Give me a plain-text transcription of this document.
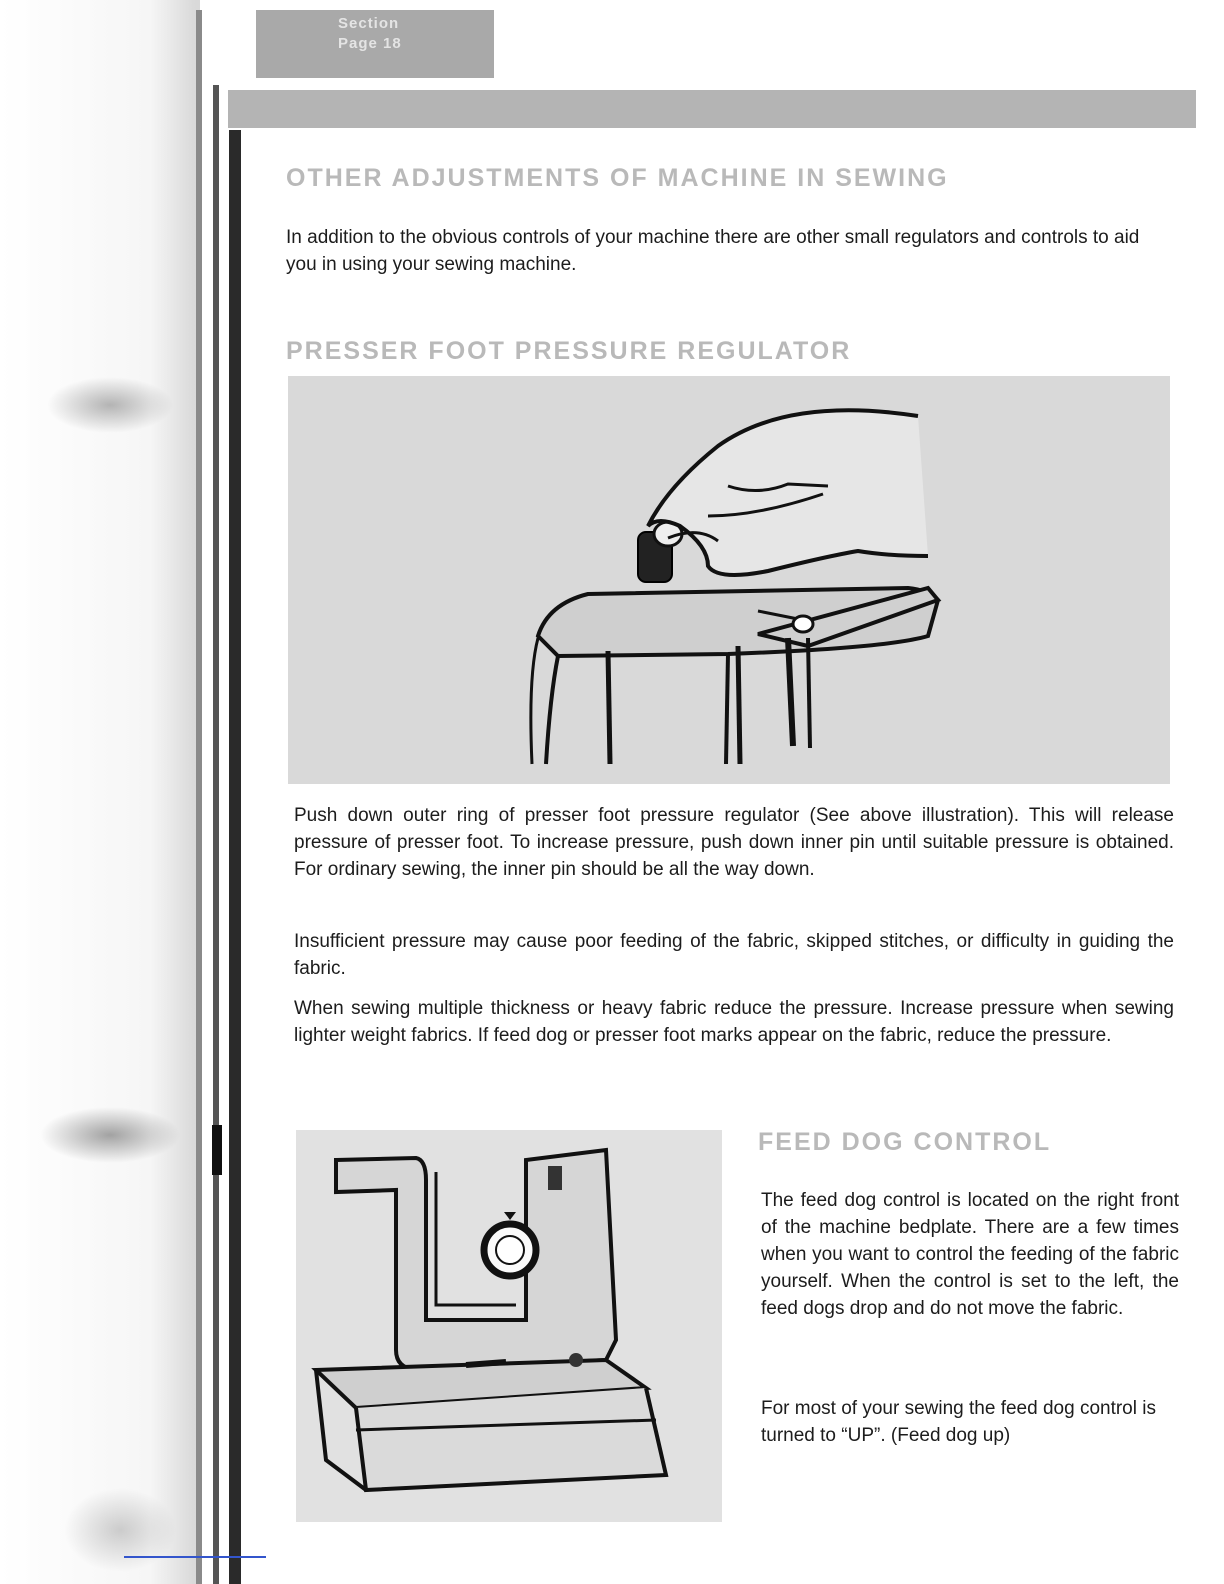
Section
Page 18
OTHER ADJUSTMENTS OF MACHINE IN SEWING

In addition to the obvious controls of your machine there are other small regulators and controls to aid you in using your sewing machine.

PRESSER FOOT PRESSURE REGULATOR

Push down outer ring of presser foot pressure regulator (See above illustration). This will release pressure of presser foot. To increase pressure, push down inner pin until suitable pressure is obtained. For ordinary sewing, the inner pin should be all the way down.

Insufficient pressure may cause poor feeding of the fabric, skipped stitches, or difficulty in guiding the fabric.

When sewing multiple thickness or heavy fabric reduce the pressure. Increase pressure when sewing lighter weight fabrics. If feed dog or presser foot marks appear on the fabric, reduce the pressure.

FEED DOG CONTROL

The feed dog control is located on the right front of the machine bedplate. There are a few times when you want to control the feeding of the fabric yourself. When the control is set to the left, the feed dogs drop and do not move the fabric.

For most of your sewing the feed dog control is turned to “UP”. (Feed dog up)
